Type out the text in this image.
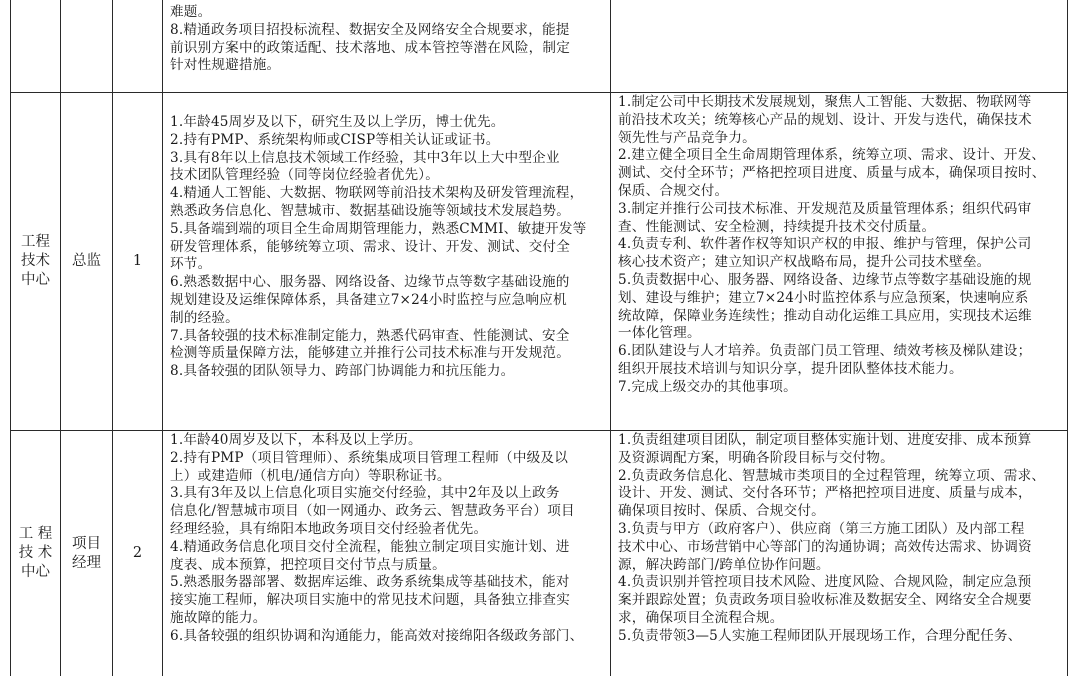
难题。
8.精通政务项目招投标流程、数据安全及网络安全合规要求，能提
前识别方案中的政策适配、技术落地、成本管控等潜在风险，制定
针对性规避措施。
工程
技术
中心
总监 1
1.年龄45周岁及以下，研究生及以上学历，博士优先。
2.持有PMP、系统架构师或CISP等相关认证或证书。
3.具有8年以上信息技术领域工作经验，其中3年以上大中型企业
技术团队管理经验（同等岗位经验者优先）。
4.精通人工智能、大数据、物联网等前沿技术架构及研发管理流程，
熟悉政务信息化、智慧城市、数据基础设施等领域技术发展趋势。
5.具备端到端的项目全生命周期管理能力，熟悉CMMI、敏捷开发等
研发管理体系，能够统筹立项、需求、设计、开发、测试、交付全
环节。
6.熟悉数据中心、服务器、网络设备、边缘节点等数字基础设施的
规划建设及运维保障体系，具备建立7×24小时监控与应急响应机
制的经验。
7.具备较强的技术标准制定能力，熟悉代码审查、性能测试、安全
检测等质量保障方法，能够建立并推行公司技术标准与开发规范。
8.具备较强的团队领导力、跨部门协调能力和抗压能力。
1.制定公司中长期技术发展规划，聚焦人工智能、大数据、物联网等
前沿技术攻关；统筹核心产品的规划、设计、开发与迭代，确保技术
领先性与产品竞争力。
2.建立健全项目全生命周期管理体系，统筹立项、需求、设计、开发、
测试、交付全环节；严格把控项目进度、质量与成本，确保项目按时、
保质、合规交付。
3.制定并推行公司技术标准、开发规范及质量管理体系；组织代码审
查、性能测试、安全检测，持续提升技术交付质量。
4.负责专利、软件著作权等知识产权的申报、维护与管理，保护公司
核心技术资产；建立知识产权战略布局，提升公司技术壁垒。
5.负责数据中心、服务器、网络设备、边缘节点等数字基础设施的规
划、建设与维护；建立7×24小时监控体系与应急预案，快速响应系
统故障，保障业务连续性；推动自动化运维工具应用，实现技术运维
一体化管理。
6.团队建设与人才培养。负责部门员工管理、绩效考核及梯队建设；
组织开展技术培训与知识分享，提升团队整体技术能力。
7.完成上级交办的其他事项。
工 程
技 术
中心
项目
经理
2
1.年龄40周岁及以下，本科及以上学历。
2.持有PMP（项目管理师）、系统集成项目管理工程师（中级及以
上）或建造师（机电/通信方向）等职称证书。
3.具有3年及以上信息化项目实施交付经验，其中2年及以上政务
信息化/智慧城市项目（如一网通办、政务云、智慧政务平台）项目
经理经验，具有绵阳本地政务项目交付经验者优先。
4.精通政务信息化项目交付全流程，能独立制定项目实施计划、进
度表、成本预算，把控项目交付节点与质量。
5.熟悉服务器部署、数据库运维、政务系统集成等基础技术，能对
接实施工程师，解决项目实施中的常见技术问题，具备独立排查实
施故障的能力。
6.具备较强的组织协调和沟通能力，能高效对接绵阳各级政务部门、
1.负责组建项目团队，制定项目整体实施计划、进度安排、成本预算
及资源调配方案，明确各阶段目标与交付物。
2.负责政务信息化、智慧城市类项目的全过程管理，统筹立项、需求、
设计、开发、测试、交付各环节；严格把控项目进度、质量与成本，
确保项目按时、保质、合规交付。
3.负责与甲方（政府客户）、供应商（第三方施工团队）及内部工程
技术中心、市场营销中心等部门的沟通协调；高效传达需求、协调资
源，解决跨部门/跨单位协作问题。
4.负责识别并管控项目技术风险、进度风险、合规风险，制定应急预
案并跟踪处置；负责政务项目验收标准及数据安全、网络安全合规要
求，确保项目全流程合规。
5.负责带领3—5人实施工程师团队开展现场工作，合理分配任务、
